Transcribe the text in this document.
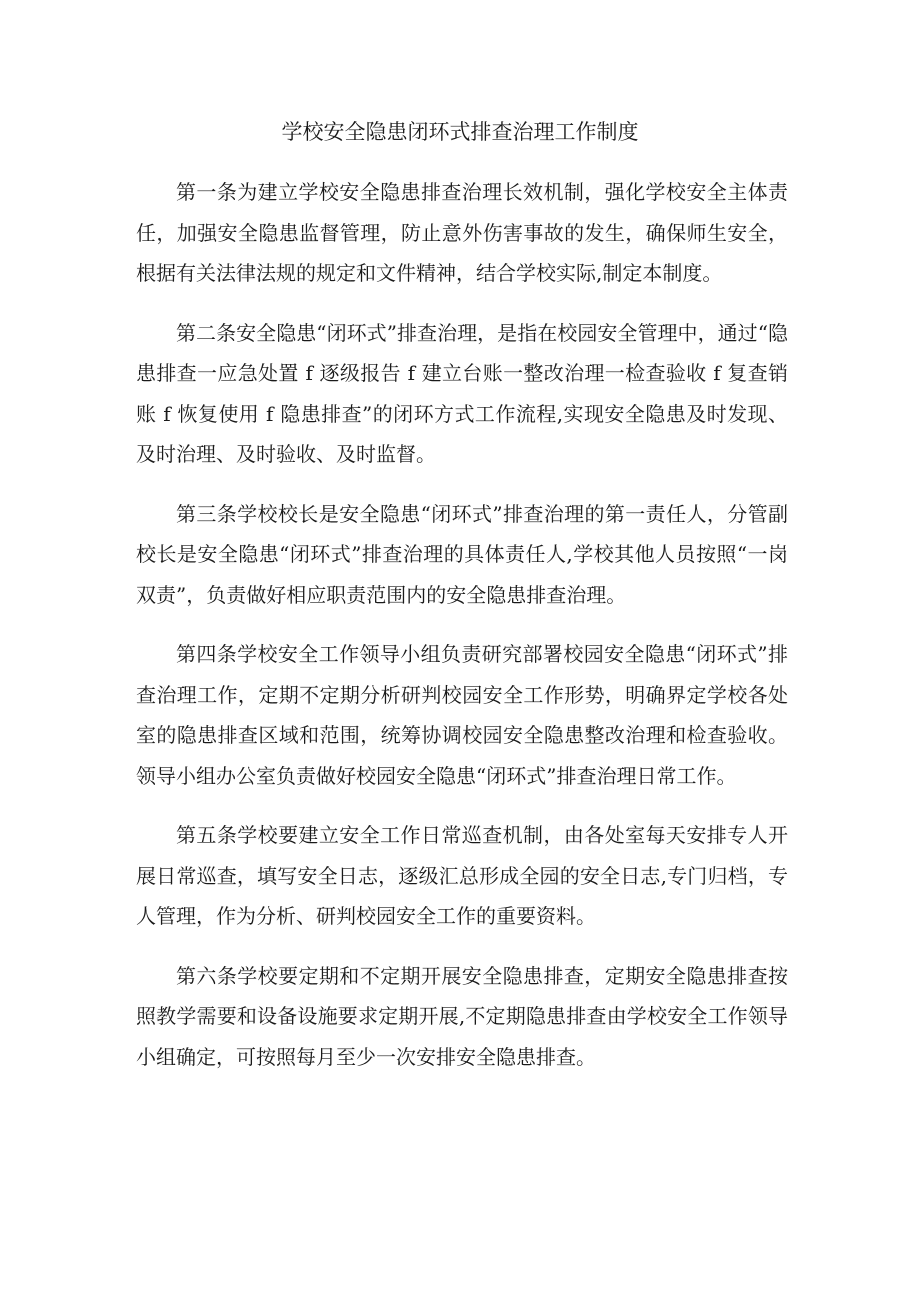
学校安全隐患闭环式排查治理工作制度

第一条为建立学校安全隐患排查治理长效机制，强化学校安全主体责任，加强安全隐患监督管理，防止意外伤害事故的发生，确保师生安全，根据有关法律法规的规定和文件精神，结合学校实际,制定本制度。

第二条安全隐患“闭环式”排查治理，是指在校园安全管理中，通过“隐患排查一应急处置 f 逐级报告 f 建立台账一整改治理一检查验收 f 复查销账 f 恢复使用 f 隐患排查”的闭环方式工作流程,实现安全隐患及时发现、及时治理、及时验收、及时监督。

第三条学校校长是安全隐患“闭环式”排查治理的第一责任人，分管副校长是安全隐患“闭环式”排查治理的具体责任人,学校其他人员按照“一岗双责”，负责做好相应职责范围内的安全隐患排查治理。

第四条学校安全工作领导小组负责研究部署校园安全隐患“闭环式”排查治理工作，定期不定期分析研判校园安全工作形势，明确界定学校各处室的隐患排查区域和范围，统筹协调校园安全隐患整改治理和检查验收。领导小组办公室负责做好校园安全隐患“闭环式”排查治理日常工作。

第五条学校要建立安全工作日常巡查机制，由各处室每天安排专人开展日常巡查，填写安全日志，逐级汇总形成全园的安全日志,专门归档，专人管理，作为分析、研判校园安全工作的重要资料。

第六条学校要定期和不定期开展安全隐患排查，定期安全隐患排查按照教学需要和设备设施要求定期开展,不定期隐患排查由学校安全工作领导小组确定，可按照每月至少一次安排安全隐患排查。
